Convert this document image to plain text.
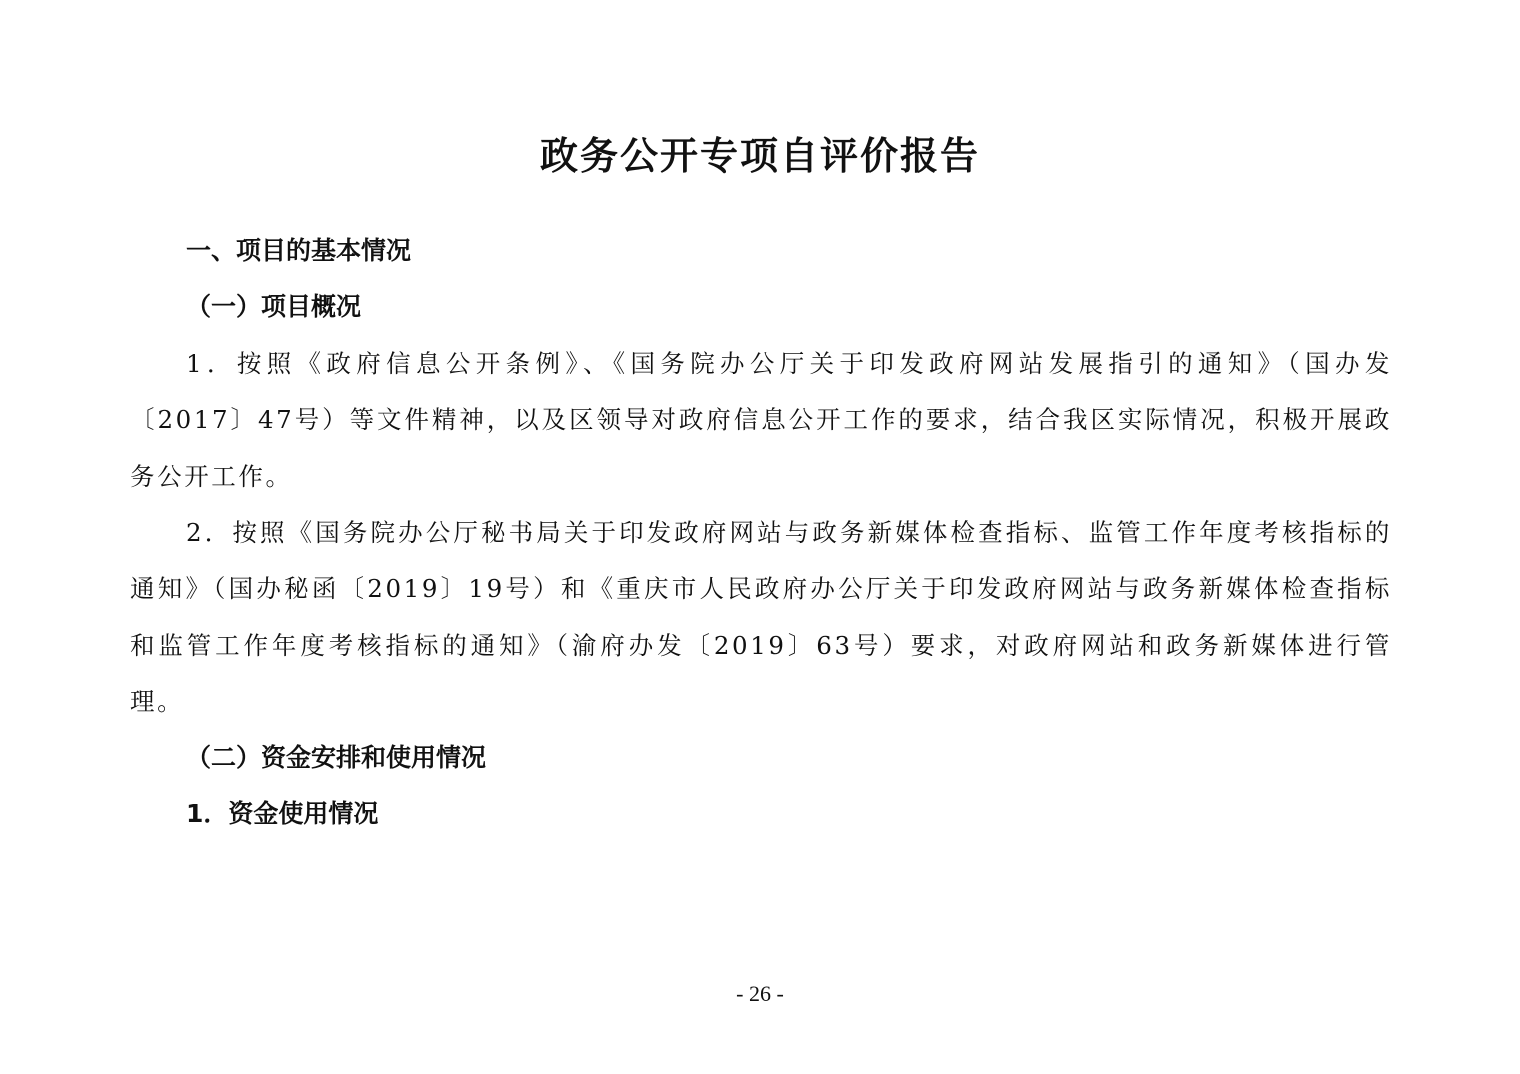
政务公开专项自评价报告
一、项目的基本情况
（一）项目概况

1．按照《政府信息公开条例》、《国务院办公厅关于印发政府网站发展指引的通知》（国办发〔2017〕47号）等文件精神，以及区领导对政府信息公开工作的要求，结合我区实际情况，积极开展政务公开工作。

2．按照《国务院办公厅秘书局关于印发政府网站与政务新媒体检查指标、监管工作年度考核指标的通知》（国办秘函〔2019〕19号）和《重庆市人民政府办公厅关于印发政府网站与政务新媒体检查指标和监管工作年度考核指标的通知》（渝府办发〔2019〕63号）要求，对政府网站和政务新媒体进行管理。

（二）资金安排和使用情况
1．资金使用情况
- 26 -
